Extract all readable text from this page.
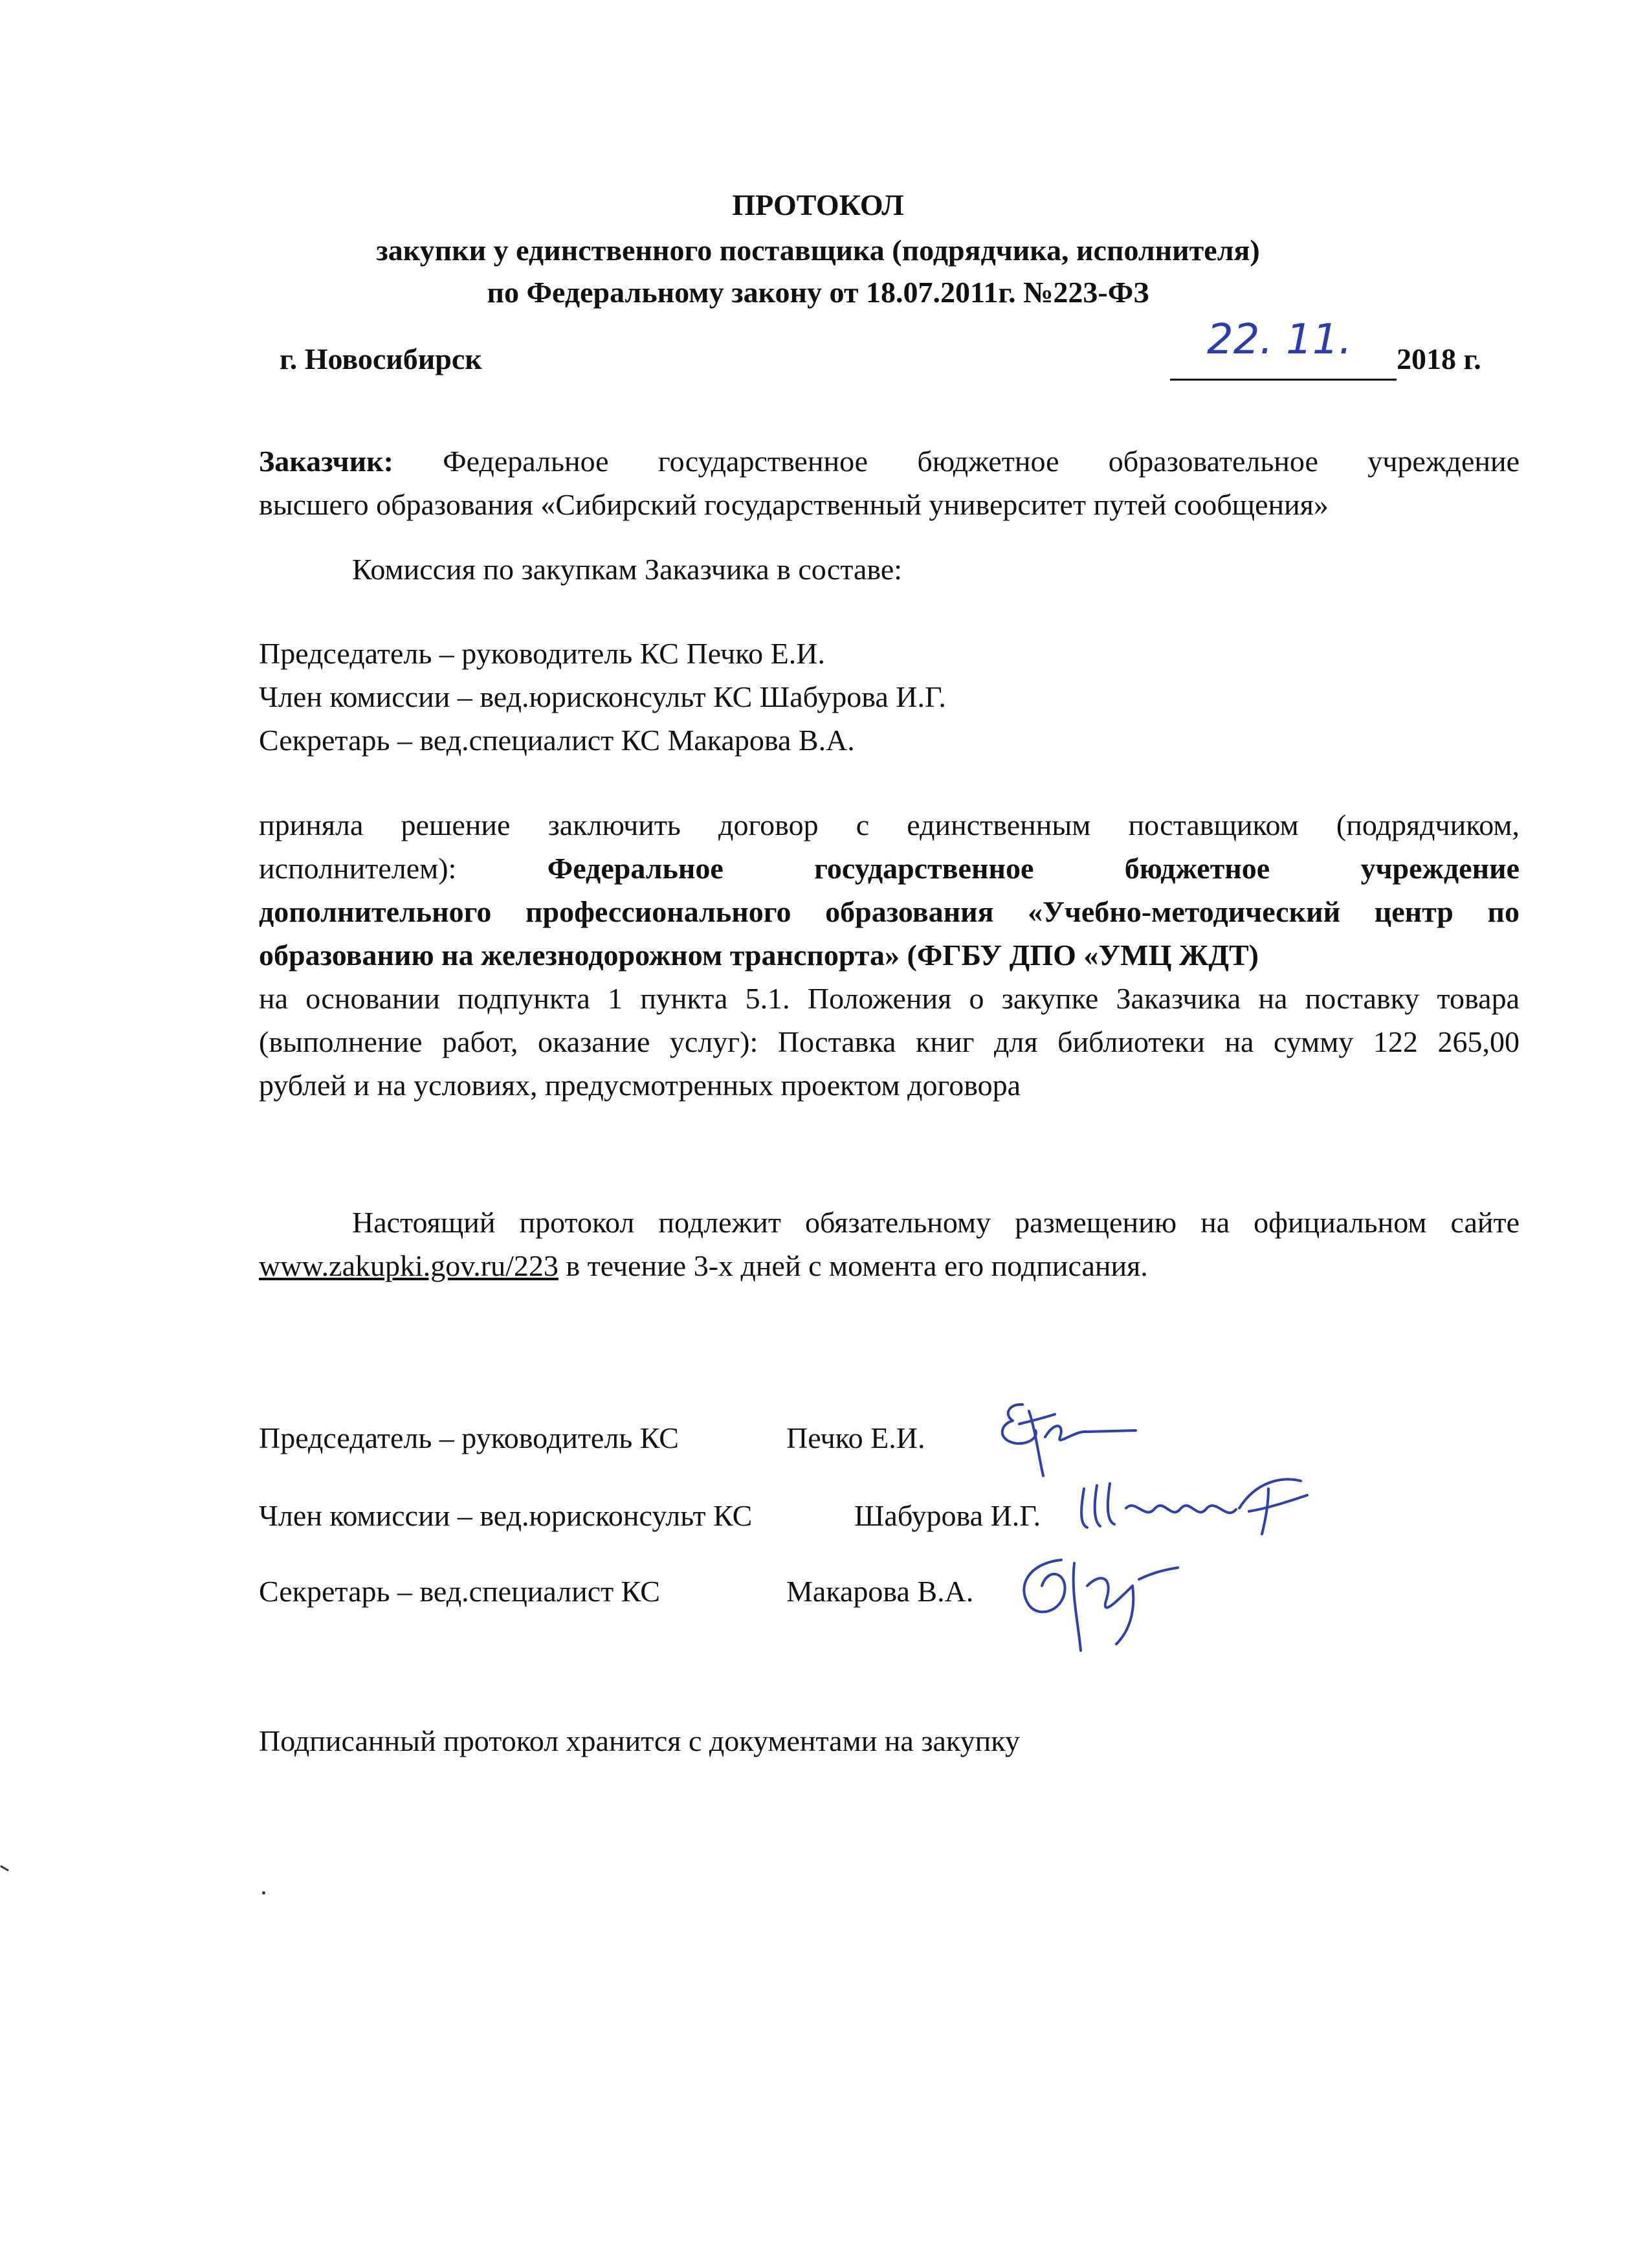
ПРОТОКОЛ
закупки у единственного поставщика (подрядчика, исполнителя)
по Федеральному закону от 18.07.2011г. №223-ФЗ
г. Новосибирск	22. 11. 2018 г.
Заказчик: Федеральное государственное бюджетное образовательное учреждение
высшего образования «Сибирский государственный университет путей сообщения»
Комиссия по закупкам Заказчика в составе:
Председатель – руководитель КС Печко Е.И.
Член комиссии – вед.юрисконсульт КС Шабурова И.Г.
Секретарь – вед.специалист КС Макарова В.А.
приняла решение заключить договор с единственным поставщиком (подрядчиком,
исполнителем):	Федеральное государственное бюджетное учреждение
дополнительного профессионального образования «Учебно-методический центр по
образованию на железнодорожном транспорта» (ФГБУ ДПО «УМЦ ЖДТ)
на основании подпункта 1 пункта 5.1. Положения о закупке Заказчика на поставку товара
(выполнение работ, оказание услуг): Поставка книг для библиотеки на сумму 122 265,00
рублей и на условиях, предусмотренных проектом договора
Настоящий протокол подлежит обязательному размещению на официальном сайте
www.zakupki.gov.ru/223 в течение 3-х дней с момента его подписания.
Председатель – руководитель КС	Печко Е.И.
Член комиссии – вед.юрисконсульт КС	Шабурова И.Г.
Секретарь – вед.специалист КС	Макарова В.А.
Подписанный протокол хранится с документами на закупку
